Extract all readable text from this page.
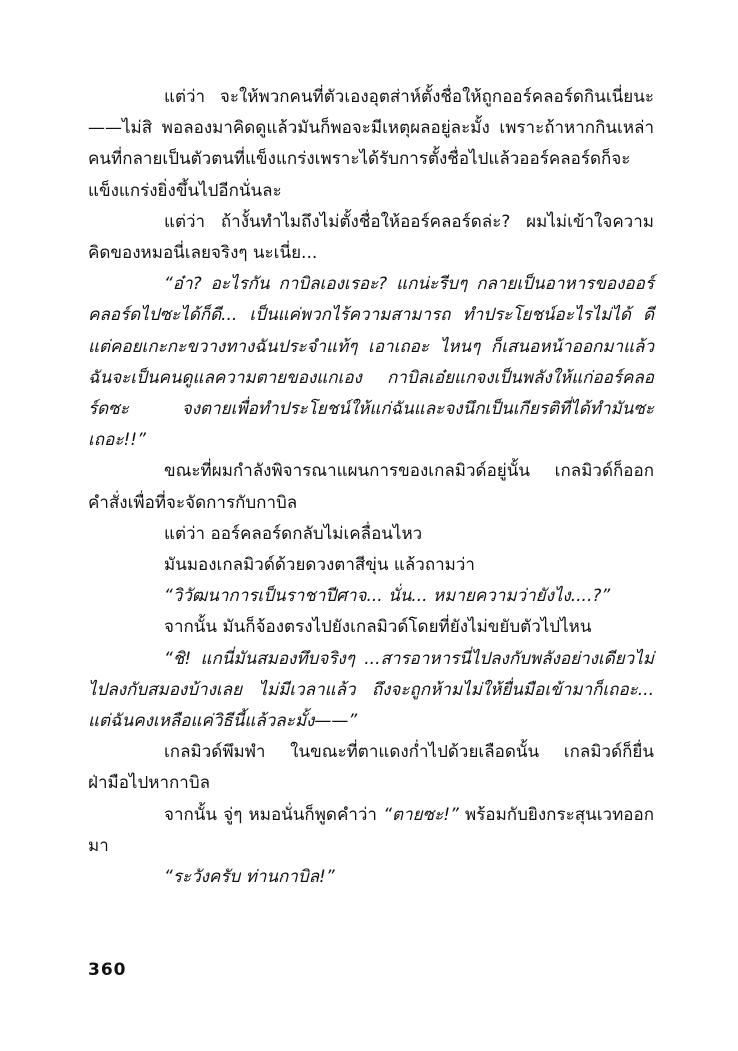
แต่ว่า จะให้พวกคนที่ตัวเองอุตส่าห์ตั้งชื่อให้ถูกออร์คลอร์ดกินเนี่ยนะ——ไม่สิ พอลองมาคิดดูแล้วมันก็พอจะมีเหตุผลอยู่ละมั้ง เพราะถ้าหากกินเหล่าคนที่กลายเป็นตัวตนที่แข็งแกร่งเพราะได้รับการตั้งชื่อไปแล้วออร์คลอร์ดก็จะแข็งแกร่งยิ่งขึ้นไปอีกนั่นละ

แต่ว่า ถ้างั้นทำไมถึงไม่ตั้งชื่อให้ออร์คลอร์ดล่ะ? ผมไม่เข้าใจความคิดของหมอนี่เลยจริงๆ นะเนี่ย...

“อ๋า? อะไรกัน กาบิลเองเรอะ? แกน่ะรีบๆ กลายเป็นอาหารของออร์คลอร์ดไปซะได้ก็ดี... เป็นแค่พวกไร้ความสามารถ ทำประโยชน์อะไรไม่ได้ ดีแต่คอยเกะกะขวางทางฉันประจำแท้ๆ เอาเถอะ ไหนๆ ก็เสนอหน้าออกมาแล้ว ฉันจะเป็นคนดูแลความตายของแกเอง กาบิลเอ๋ยแกจงเป็นพลังให้แก่ออร์คลอร์ดซะ จงตายเพื่อทำประโยชน์ให้แก่ฉันและจงนึกเป็นเกียรติที่ได้ทำมันซะเถอะ!!”

ขณะที่ผมกำลังพิจารณาแผนการของเกลมิวด์อยู่นั้น เกลมิวด์ก็ออกคำสั่งเพื่อที่จะจัดการกับกาบิล

แต่ว่า ออร์คลอร์ดกลับไม่เคลื่อนไหว

มันมองเกลมิวด์ด้วยดวงตาสีขุ่น แล้วถามว่า

“วิวัฒนาการเป็นราชาปีศาจ... นั่น... หมายความว่ายังไง....?”

จากนั้น มันก็จ้องตรงไปยังเกลมิวด์โดยที่ยังไม่ขยับตัวไปไหน

“ชิ! แกนี่มันสมองทึบจริงๆ ...สารอาหารนี่ไปลงกับพลังอย่างเดียวไม่ไปลงกับสมองบ้างเลย ไม่มีเวลาแล้ว ถึงจะถูกห้ามไม่ให้ยื่นมือเข้ามาก็เถอะ... แต่ฉันคงเหลือแค่วิธีนี้แล้วละมั้ง——”

เกลมิวด์พึมพำ ในขณะที่ตาแดงก่ำไปด้วยเลือดนั้น เกลมิวด์ก็ยื่นฝ่ามือไปหากาบิล

จากนั้น จู่ๆ หมอนั่นก็พูดคำว่า “ตายซะ!” พร้อมกับยิงกระสุนเวทออกมา

“ระวังครับ ท่านกาบิล!”

360
